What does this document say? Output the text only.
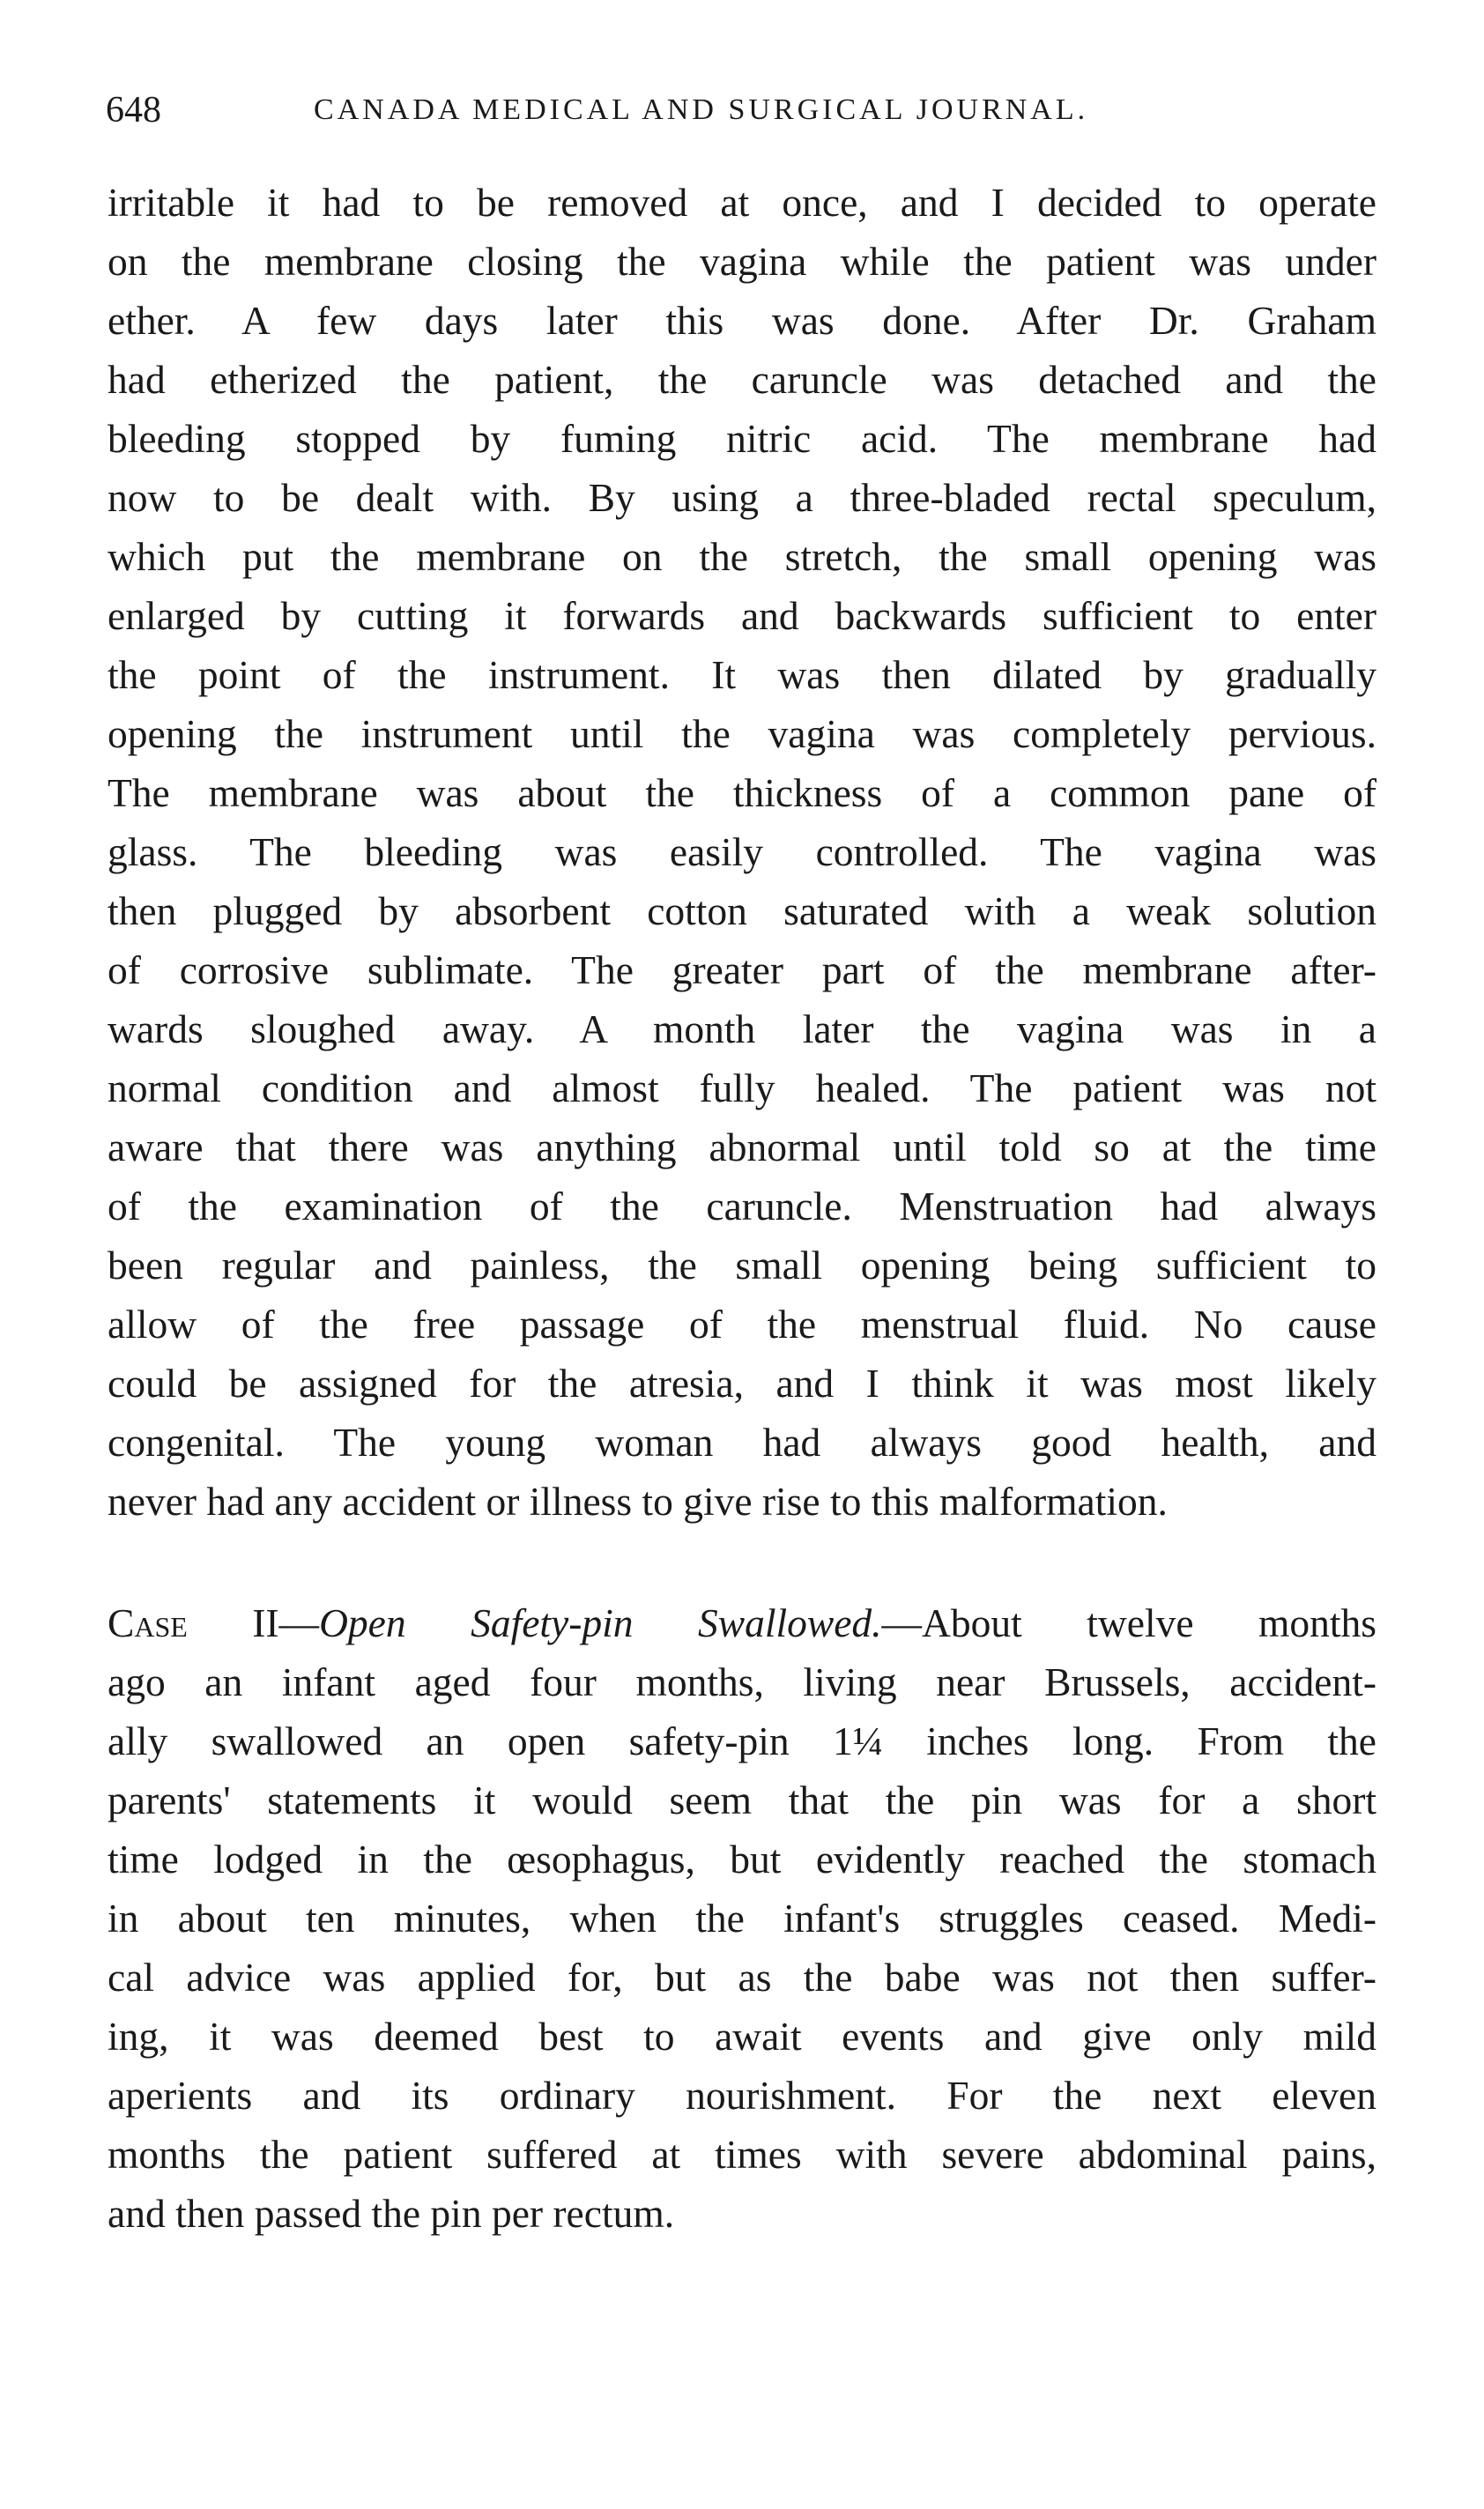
648	CANADA MEDICAL AND SURGICAL JOURNAL.
irritable it had to be removed at once, and I decided to operate
on the membrane closing the vagina while the patient was under
ether. A few days later this was done. After Dr. Graham
had etherized the patient, the caruncle was detached and the
bleeding stopped by fuming nitric acid. The membrane had
now to be dealt with. By using a three-bladed rectal speculum,
which put the membrane on the stretch, the small opening was
enlarged by cutting it forwards and backwards sufficient to enter
the point of the instrument. It was then dilated by gradually
opening the instrument until the vagina was completely pervious.
The membrane was about the thickness of a common pane of
glass. The bleeding was easily controlled. The vagina was
then plugged by absorbent cotton saturated with a weak solution
of corrosive sublimate. The greater part of the membrane after-
wards sloughed away. A month later the vagina was in a
normal condition and almost fully healed. The patient was not
aware that there was anything abnormal until told so at the time
of the examination of the caruncle. Menstruation had always
been regular and painless, the small opening being sufficient to
allow of the free passage of the menstrual fluid. No cause
could be assigned for the atresia, and I think it was most likely
congenital. The young woman had always good health, and
never had any accident or illness to give rise to this malformation.
Case II—Open Safety-pin Swallowed.—About twelve months
ago an infant aged four months, living near Brussels, accident-
ally swallowed an open safety-pin 1¼ inches long. From the
parents' statements it would seem that the pin was for a short
time lodged in the œsophagus, but evidently reached the stomach
in about ten minutes, when the infant's struggles ceased. Medi-
cal advice was applied for, but as the babe was not then suffer-
ing, it was deemed best to await events and give only mild
aperients and its ordinary nourishment. For the next eleven
months the patient suffered at times with severe abdominal pains,
and then passed the pin per rectum.
